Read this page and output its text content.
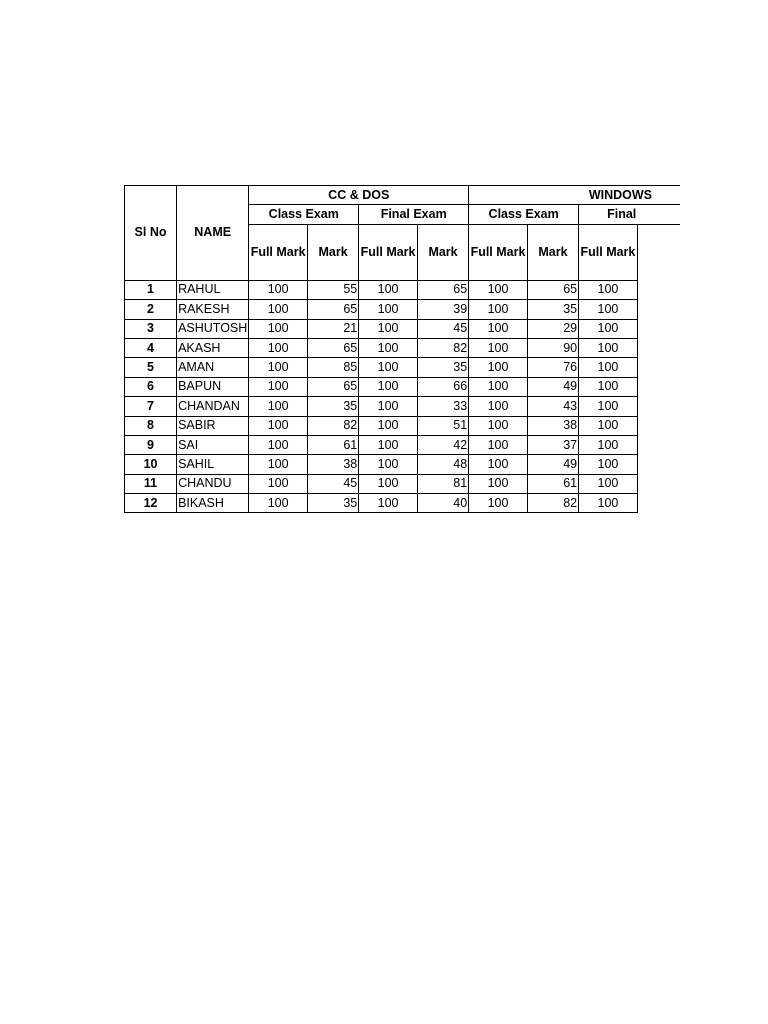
Sl No	NAME	CC & DOS				WINDOWS			
		Class Exam		Final Exam		Class Exam		Final	
		Full Mark	Mark	Full Mark	Mark	Full Mark	Mark	Full Mark	
1	RAHUL	100	55	100	65	100	65	100	
2	RAKESH	100	65	100	39	100	35	100	
3	ASHUTOSH	100	21	100	45	100	29	100	
4	AKASH	100	65	100	82	100	90	100	
5	AMAN	100	85	100	35	100	76	100	
6	BAPUN	100	65	100	66	100	49	100	
7	CHANDAN	100	35	100	33	100	43	100	
8	SABIR	100	82	100	51	100	38	100	
9	SAI	100	61	100	42	100	37	100	
10	SAHIL	100	38	100	48	100	49	100	
11	CHANDU	100	45	100	81	100	61	100	
12	BIKASH	100	35	100	40	100	82	100	
